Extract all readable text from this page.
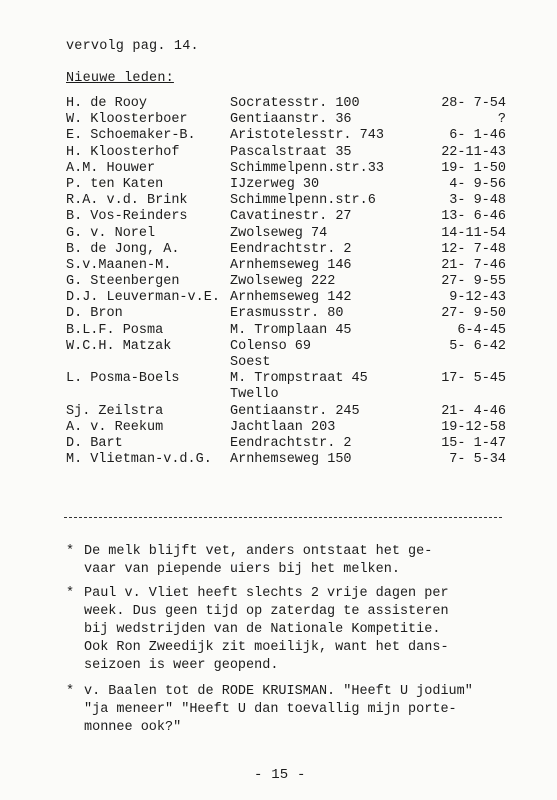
vervolg pag. 14.
Nieuwe leden:
H. de Rooy	Socratesstr. 100	28- 7-54
W. Kloosterboer	Gentiaanstr. 36	?
E. Schoemaker-B.	Aristotelesstr. 743	6- 1-46
H. Kloosterhof	Pascalstraat 35	22-11-43
A.M. Houwer	Schimmelpenn.str.33	19- 1-50
P. ten Katen	IJzerweg 30	4- 9-56
R.A. v.d. Brink	Schimmelpenn.str.6	3- 9-48
B. Vos-Reinders	Cavatinestr. 27	13- 6-46
G. v. Norel	Zwolseweg 74	14-11-54
B. de Jong, A.	Eendrachtstr. 2	12- 7-48
S.v.Maanen-M.	Arnhemseweg 146	21- 7-46
G. Steenbergen	Zwolseweg 222	27- 9-55
D.J. Leuverman-v.E. Arnhemseweg 142	9-12-43
D. Bron	Erasmusstr. 80	27- 9-50
B.L.F. Posma	M. Tromplaan 45	6-4-45
W.C.H. Matzak	Colenso 69	5- 6-42
Soest
L. Posma-Boels	M. Trompstraat 45	17- 5-45
Twello
Sj. Zeilstra	Gentiaanstr. 245	21- 4-46
A. v. Reekum	Jachtlaan 203	19-12-58
D. Bart	Eendrachtstr. 2	15- 1-47
M. Vlietman-v.d.G. Arnhemseweg 150	7- 5-34
* De melk blijft vet, anders ontstaat het ge-
vaar van piepende uiers bij het melken.
* Paul v. Vliet heeft slechts 2 vrije dagen per
week. Dus geen tijd op zaterdag te assisteren
bij wedstrijden van de Nationale Kompetitie.
Ook Ron Zweedijk zit moeilijk, want het dans-
seizoen is weer geopend.
* v. Baalen tot de RODE KRUISMAN. "Heeft U jodium"
"ja meneer" "Heeft U dan toevallig mijn porte-
monnee ook?"
- 15 -
